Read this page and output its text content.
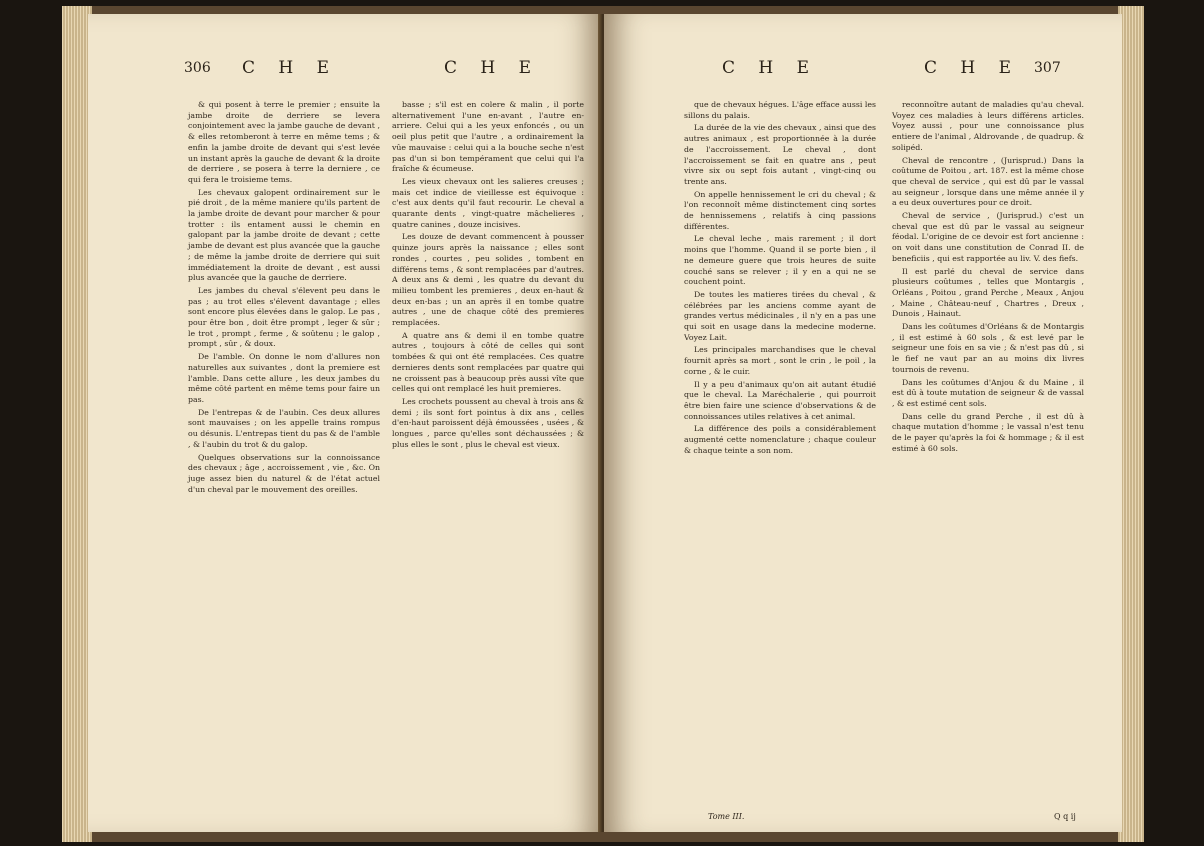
306 C H E	C H E

& qui posent à terre le premier ; ensuite la jambe droite de derriere se levera conjointement avec la jambe gauche de devant , & elles retomberont à terre en même tems ; & enfin la jambe droite de devant qui s'est levée un instant après la gauche de devant & la droite de derriere , se posera à terre la derniere , ce qui fera le troisieme tems.

Les chevaux galopent ordinairement sur le pié droit , de la même maniere qu'ils partent de la jambe droite de devant pour marcher & pour trotter : ils entament aussi le chemin en galopant par la jambe droite de devant ; cette jambe de devant est plus avancée que la gauche ; de même la jambe droite de derriere qui suit immédiatement la droite de devant , est aussi plus avancée que la gauche de derriere.

Les jambes du cheval s'élevent peu dans le pas ; au trot elles s'élevent davantage ; elles sont encore plus élevées dans le galop. Le pas , pour être bon , doit être prompt , leger & sûr ; le trot , prompt , ferme , & soûtenu ; le galop , prompt , sûr , & doux.

De l'amble. On donne le nom d'allures non naturelles aux suivantes , dont la premiere est l'amble. Dans cette allure , les deux jambes du même côté partent en même tems pour faire un pas.

De l'entrepas & de l'aubin. Ces deux allures sont mauvaises ; on les appelle trains rompus ou désunis. L'entrepas tient du pas & de l'amble , & l'aubin du trot & du galop.

Quelques observations sur la connoissance des chevaux ; âge , accroissement , vie , &c. On juge assez bien du naturel & de l'état actuel d'un cheval par le mouvement des oreilles.

basse ; s'il est en colere & malin , il porte alternativement l'une en-avant , l'autre en-arriere. Celui qui a les yeux enfoncés , ou un oeil plus petit que l'autre , a ordinairement la vûe mauvaise : celui qui a la bouche seche n'est pas d'un si bon tempérament que celui qui l'a fraîche & écumeuse.

Les vieux chevaux ont les salieres creuses ; mais cet indice de vieillesse est équivoque : c'est aux dents qu'il faut recourir. Le cheval a quarante dents , vingt-quatre mâchelieres , quatre canines , douze incisives.

Les douze de devant commencent à pousser quinze jours après la naissance ; elles sont rondes , courtes , peu solides , tombent en différens tems , & sont remplacées par d'autres. A deux ans & demi , les quatre du devant du milieu tombent les premieres , deux en-haut & deux en-bas ; un an après il en tombe quatre autres , une de chaque côté des premieres remplacées.

A quatre ans & demi il en tombe quatre autres , toujours à côté de celles qui sont tombées & qui ont été remplacées. Ces quatre dernieres dents sont remplacées par quatre qui ne croissent pas à beaucoup près aussi vîte que celles qui ont remplacé les huit premieres.

Les crochets poussent au cheval à trois ans & demi ; ils sont fort pointus à dix ans , celles d'en-haut paroissent déjà émoussées , usées , & longues , parce qu'elles sont déchaussées ; & plus elles le sont , plus le cheval est vieux.

C H E	C H E 307

que de chevaux hégues. L'âge efface aussi les sillons du palais.

La durée de la vie des chevaux , ainsi que des autres animaux , est proportionnée à la durée de l'accroissement. Le cheval , dont l'accroissement se fait en quatre ans , peut vivre six ou sept fois autant , vingt-cinq ou trente ans.

On appelle hennissement le cri du cheval ; & l'on reconnoît même distinctement cinq sortes de hennissemens , relatifs à cinq passions différentes.

Le cheval leche , mais rarement ; il dort moins que l'homme. Quand il se porte bien , il ne demeure guere que trois heures de suite couché sans se relever ; il y en a qui ne se couchent point.

De toutes les matieres tirées du cheval , & célébrées par les anciens comme ayant de grandes vertus médicinales , il n'y en a pas une qui soit en usage dans la medecine moderne. Voyez Lait.

Les principales marchandises que le cheval fournit après sa mort , sont le crin , le poil , la corne , & le cuir.

Il y a peu d'animaux qu'on ait autant étudié que le cheval. La Maréchalerie , qui pourroit être bien faire une science d'observations & de connoissances utiles relatives à cet animal.

La différence des poils a considérablement augmenté cette nomenclature ; chaque couleur & chaque teinte a son nom.

reconnoître autant de maladies qu'au cheval. Voyez ces maladies à leurs différens articles. Voyez aussi , pour une connoissance plus entiere de l'animal , Aldrovande , de quadrup. & solipéd.

Cheval de rencontre , (Jurisprud.) Dans la coûtume de Poitou , art. 187. est la même chose que cheval de service , qui est dû par le vassal au seigneur , lorsque dans une même année il y a eu deux ouvertures pour ce droit.

Cheval de service , (Jurisprud.) c'est un cheval que est dû par le vassal au seigneur féodal. L'origine de ce devoir est fort ancienne : on voit dans une constitution de Conrad II. de beneficiis , qui est rapportée au liv. V. des fiefs.

Il est parlé du cheval de service dans plusieurs coûtumes , telles que Montargis , Orléans , Poitou , grand Perche , Meaux , Anjou , Maine , Château-neuf , Chartres , Dreux , Dunois , Hainaut.

Dans les coûtumes d'Orléans & de Montargis , il est estimé à 60 sols , & est levé par le seigneur une fois en sa vie ; & n'est pas dû , si le fief ne vaut par an au moins dix livres tournois de revenu.

Dans les coûtumes d'Anjou & du Maine , il est dû à toute mutation de seigneur & de vassal , & est estimé cent sols.

Dans celle du grand Perche , il est dû à chaque mutation d'homme ; le vassal n'est tenu de le payer qu'après la foi & hommage ; & il est estimé à 60 sols.

Tome III.	Q q ij
